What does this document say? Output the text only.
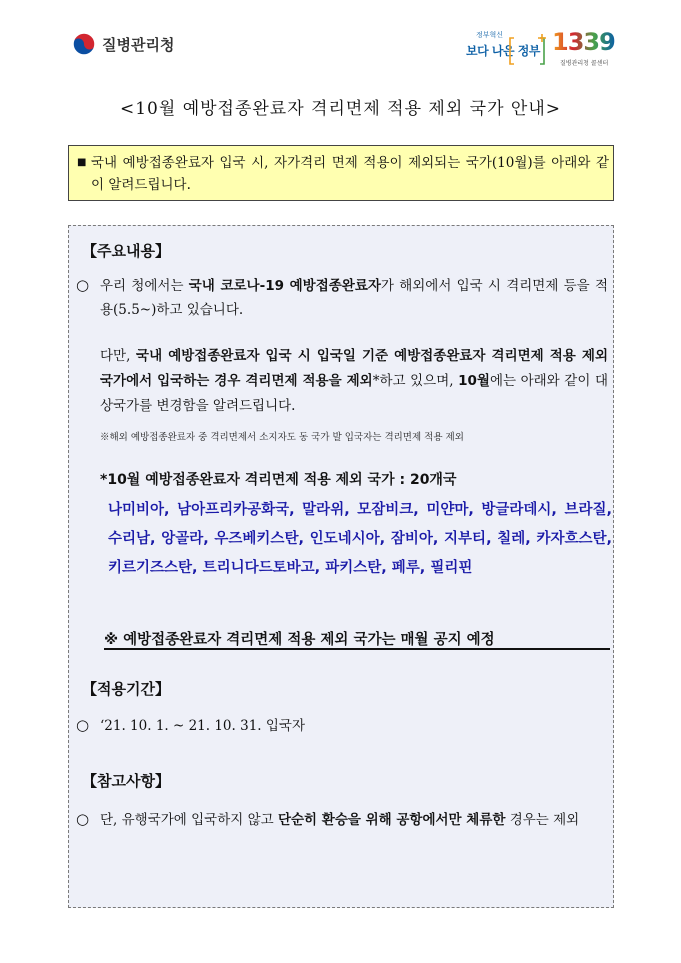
질병관리청
정부혁신
보다 나은 정부 1339
질병관리청 콜센터
<10월 예방접종완료자 격리면제 적용 제외 국가 안내>
■ 국내 예방접종완료자 입국 시, 자가격리 면제 적용이 제외되는 국가(10월)를 아래와 같이 알려드립니다.
【주요내용】
○ 우리 청에서는 국내 코로나-19 예방접종완료자가 해외에서 입국 시 격리면제 등을 적용(5.5~)하고 있습니다.
다만, 국내 예방접종완료자 입국 시 입국일 기준 예방접종완료자 격리면제 적용 제외 국가에서 입국하는 경우 격리면제 적용을 제외*하고 있으며, 10월에는 아래와 같이 대상국가를 변경함을 알려드립니다.
※해외 예방접종완료자 중 격리면제서 소지자도 동 국가 발 입국자는 격리면제 적용 제외
*10월 예방접종완료자 격리면제 적용 제외 국가 : 20개국
나미비아, 남아프리카공화국, 말라위, 모잠비크, 미얀마, 방글라데시, 브라질, 수리남, 앙골라, 우즈베키스탄, 인도네시아, 잠비아, 지부티, 칠레, 카자흐스탄, 키르기즈스탄, 트리니다드토바고, 파키스탄, 페루, 필리핀
※ 예방접종완료자 격리면제 적용 제외 국가는 매월 공지 예정
【적용기간】
○ ‘21. 10. 1. ~ 21. 10. 31. 입국자
【참고사항】
○ 단, 유행국가에 입국하지 않고 단순히 환승을 위해 공항에서만 체류한 경우는 제외
